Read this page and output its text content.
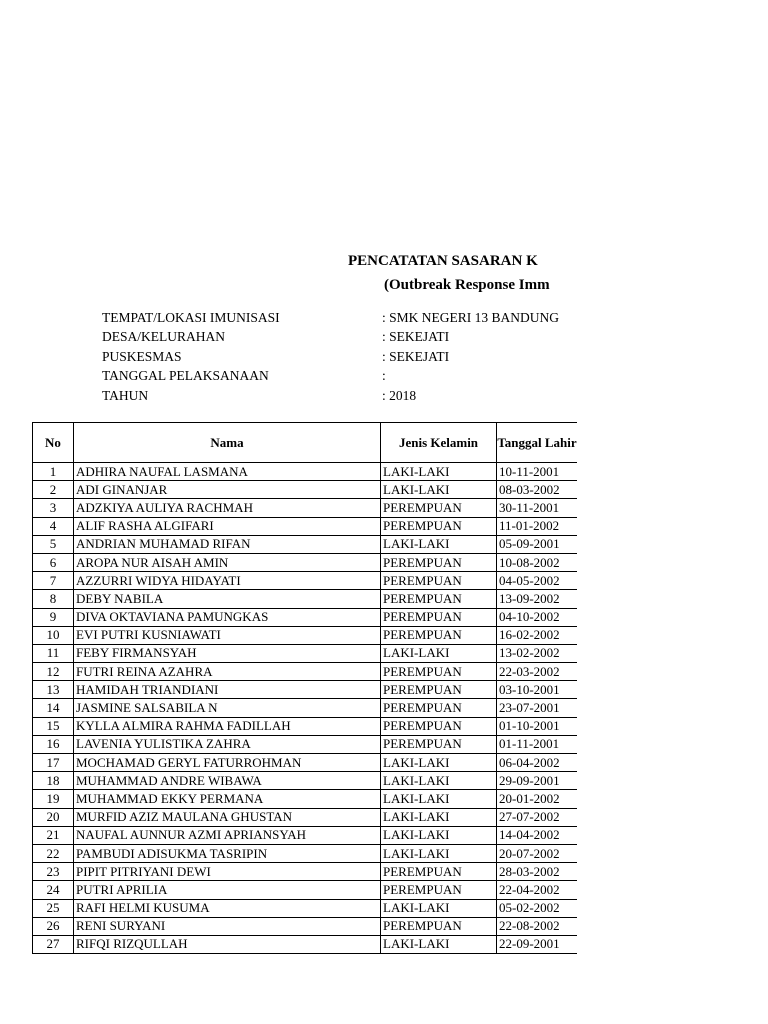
PENCATATAN SASARAN K
(Outbreak Response Imm
TEMPAT/LOKASI IMUNISASI	: SMK NEGERI 13 BANDUNG
DESA/KELURAHAN	: SEKEJATI
PUSKESMAS	: SEKEJATI
TANGGAL PELAKSANAAN	:
TAHUN	: 2018
No	Nama	Jenis Kelamin	Tanggal Lahir
1	ADHIRA NAUFAL LASMANA	LAKI-LAKI	10-11-2001
2	ADI GINANJAR	LAKI-LAKI	08-03-2002
3	ADZKIYA AULIYA RACHMAH	PEREMPUAN	30-11-2001
4	ALIF RASHA ALGIFARI	PEREMPUAN	11-01-2002
5	ANDRIAN MUHAMAD RIFAN	LAKI-LAKI	05-09-2001
6	AROPA NUR AISAH AMIN	PEREMPUAN	10-08-2002
7	AZZURRI WIDYA HIDAYATI	PEREMPUAN	04-05-2002
8	DEBY NABILA	PEREMPUAN	13-09-2002
9	DIVA OKTAVIANA PAMUNGKAS	PEREMPUAN	04-10-2002
10	EVI PUTRI KUSNIAWATI	PEREMPUAN	16-02-2002
11	FEBY FIRMANSYAH	LAKI-LAKI	13-02-2002
12	FUTRI REINA AZAHRA	PEREMPUAN	22-03-2002
13	HAMIDAH TRIANDIANI	PEREMPUAN	03-10-2001
14	JASMINE SALSABILA N	PEREMPUAN	23-07-2001
15	KYLLA ALMIRA RAHMA FADILLAH	PEREMPUAN	01-10-2001
16	LAVENIA YULISTIKA ZAHRA	PEREMPUAN	01-11-2001
17	MOCHAMAD GERYL FATURROHMAN	LAKI-LAKI	06-04-2002
18	MUHAMMAD ANDRE WIBAWA	LAKI-LAKI	29-09-2001
19	MUHAMMAD EKKY PERMANA	LAKI-LAKI	20-01-2002
20	MURFID AZIZ MAULANA GHUSTAN	LAKI-LAKI	27-07-2002
21	NAUFAL AUNNUR AZMI APRIANSYAH	LAKI-LAKI	14-04-2002
22	PAMBUDI ADISUKMA TASRIPIN	LAKI-LAKI	20-07-2002
23	PIPIT PITRIYANI DEWI	PEREMPUAN	28-03-2002
24	PUTRI APRILIA	PEREMPUAN	22-04-2002
25	RAFI HELMI KUSUMA	LAKI-LAKI	05-02-2002
26	RENI SURYANI	PEREMPUAN	22-08-2002
27	RIFQI RIZQULLAH	LAKI-LAKI	22-09-2001
